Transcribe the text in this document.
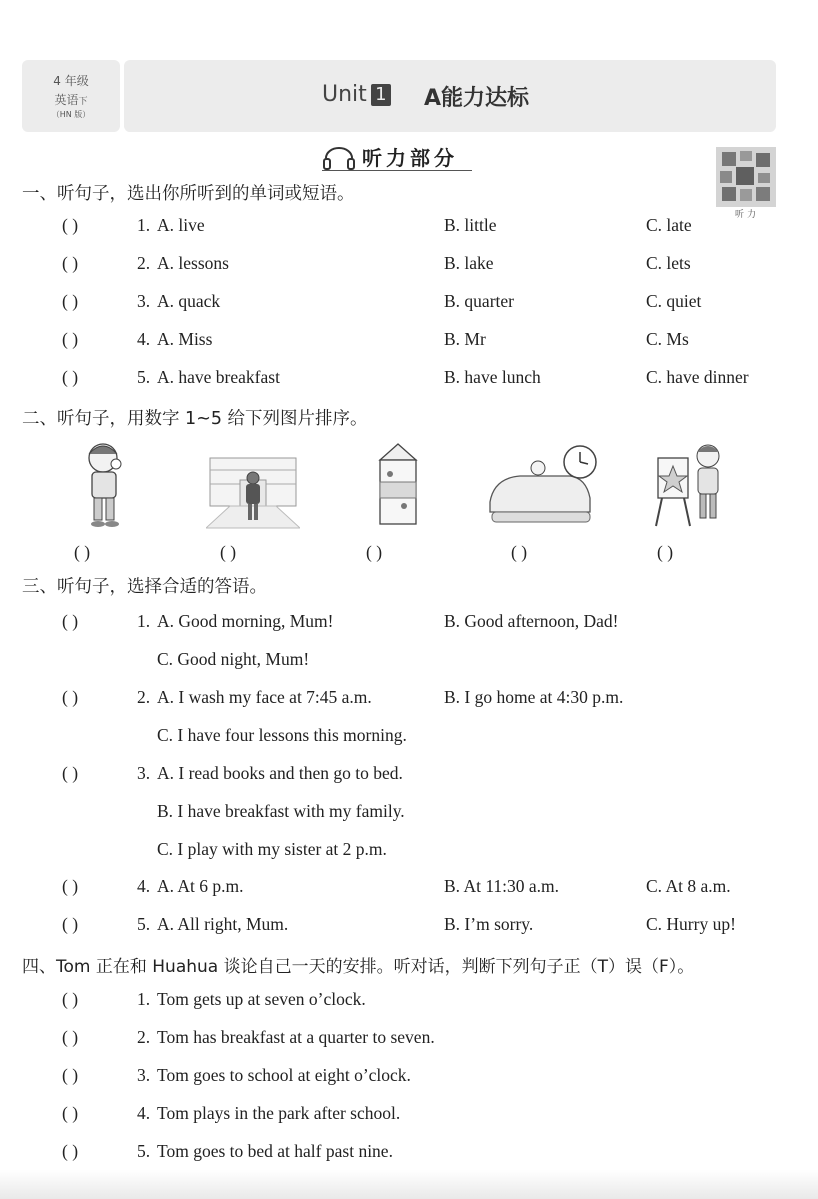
4 年级
英语下
（HN 版）
Unit 1 A能力达标
听力部分
听力
一、听句子，选出你所听到的单词或短语。
( )	1. A. live	B. little	C. late
( )	2. A. lessons	B. lake	C. lets
( )	3. A. quack	B. quarter	C. quiet
( )	4. A. Miss	B. Mr	C. Ms
( )	5. A. have breakfast	B. have lunch	C. have dinner
二、听句子，用数字 1~5 给下列图片排序。
( )	( )	( )	( )	( )
三、听句子，选择合适的答语。
( )	1. A. Good morning, Mum!	B. Good afternoon, Dad!
C. Good night, Mum!
( )	2. A. I wash my face at 7:45 a.m.	B. I go home at 4:30 p.m.
C. I have four lessons this morning.
( )	3. A. I read books and then go to bed.
B. I have breakfast with my family.
C. I play with my sister at 2 p.m.
( )	4. A. At 6 p.m.	B. At 11:30 a.m.	C. At 8 a.m.
( )	5. A. All right, Mum.	B. I’m sorry.	C. Hurry up!
四、Tom 正在和 Huahua 谈论自己一天的安排。听对话，判断下列句子正（T）误（F）。
( )	1. Tom gets up at seven o’clock.
( )	2. Tom has breakfast at a quarter to seven.
( )	3. Tom goes to school at eight o’clock.
( )	4. Tom plays in the park after school.
( )	5. Tom goes to bed at half past nine.
